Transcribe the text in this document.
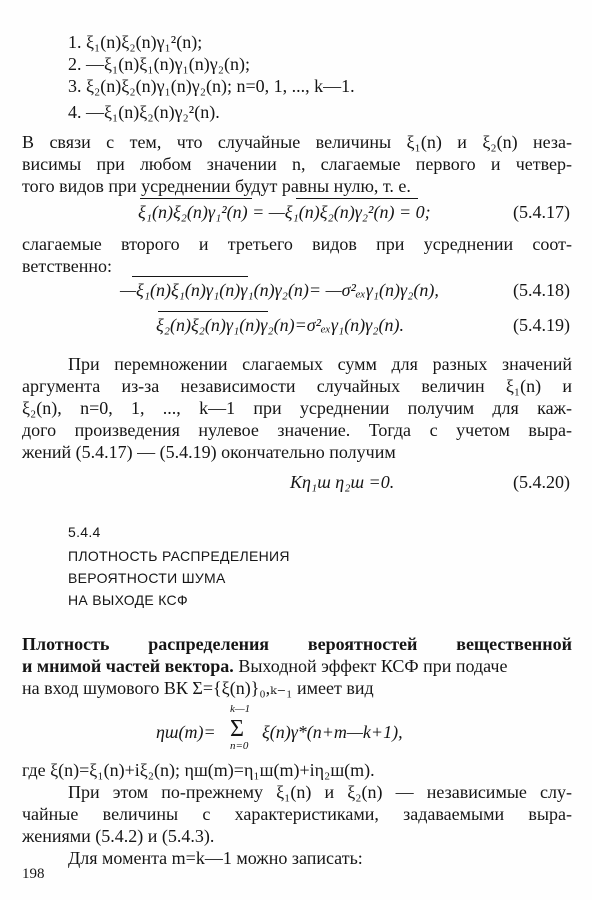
1. ξ₁(n)ξ₂(n)γ₁²(n);
2. —ξ₁(n)ξ₁(n)γ₁(n)γ₂(n);
3. ξ₂(n)ξ₂(n)γ₁(n)γ₂(n); n=0, 1, ..., k—1.
4. —ξ₁(n)ξ₂(n)γ₂²(n).
В связи с тем, что случайные величины ξ₁(n) и ξ₂(n) неза-
висимы при любом значении n, слагаемые первого и четвер-
того видов при усреднении будут равны нулю, т. е.
ξ₁(n)ξ₂(n)γ₁²(n) = —ξ₁(n)ξ₂(n)γ₂²(n) = 0;	(5.4.17)
слагаемые второго и третьего видов при усреднении соот-
ветственно:
—ξ₁(n)ξ₁(n)γ₁(n)γ₁(n)γ₂(n)= —σ²ₑₓγ₁(n)γ₂(n),	(5.4.18)
ξ₂(n)ξ₂(n)γ₁(n)γ₂(n)=σ²ₑₓγ₁(n)γ₂(n).	(5.4.19)
При перемножении слагаемых сумм для разных значений
аргумента из-за независимости случайных величин ξ₁(n) и
ξ₂(n), n=0, 1, ..., k—1 при усреднении получим для каж-
дого произведения нулевое значение. Тогда с учетом выра-
жений (5.4.17) — (5.4.19) окончательно получим
Kη₁ш η₂ш =0.	(5.4.20)
5.4.4
ПЛОТНОСТЬ РАСПРЕДЕЛЕНИЯ
ВЕРОЯТНОСТИ ШУМА
НА ВЫХОДЕ КСФ
Плотность распределения вероятностей вещественной
и мнимой частей вектора. Выходной эффект КСФ при подаче
на вход шумового ВК Σ={ξ(n)}₀,ₖ₋₁ имеет вид
ηш(m)=
k—1
Σ
n=0
ξ(n)γ*(n+m—k+1),
где ξ(n)=ξ₁(n)+iξ₂(n); ηш(m)=η₁ш(m)+iη₂ш(m).
При этом по-прежнему ξ₁(n) и ξ₂(n) — независимые слу-
чайные величины с характеристиками, задаваемыми выра-
жениями (5.4.2) и (5.4.3).
Для момента m=k—1 можно записать:
198
